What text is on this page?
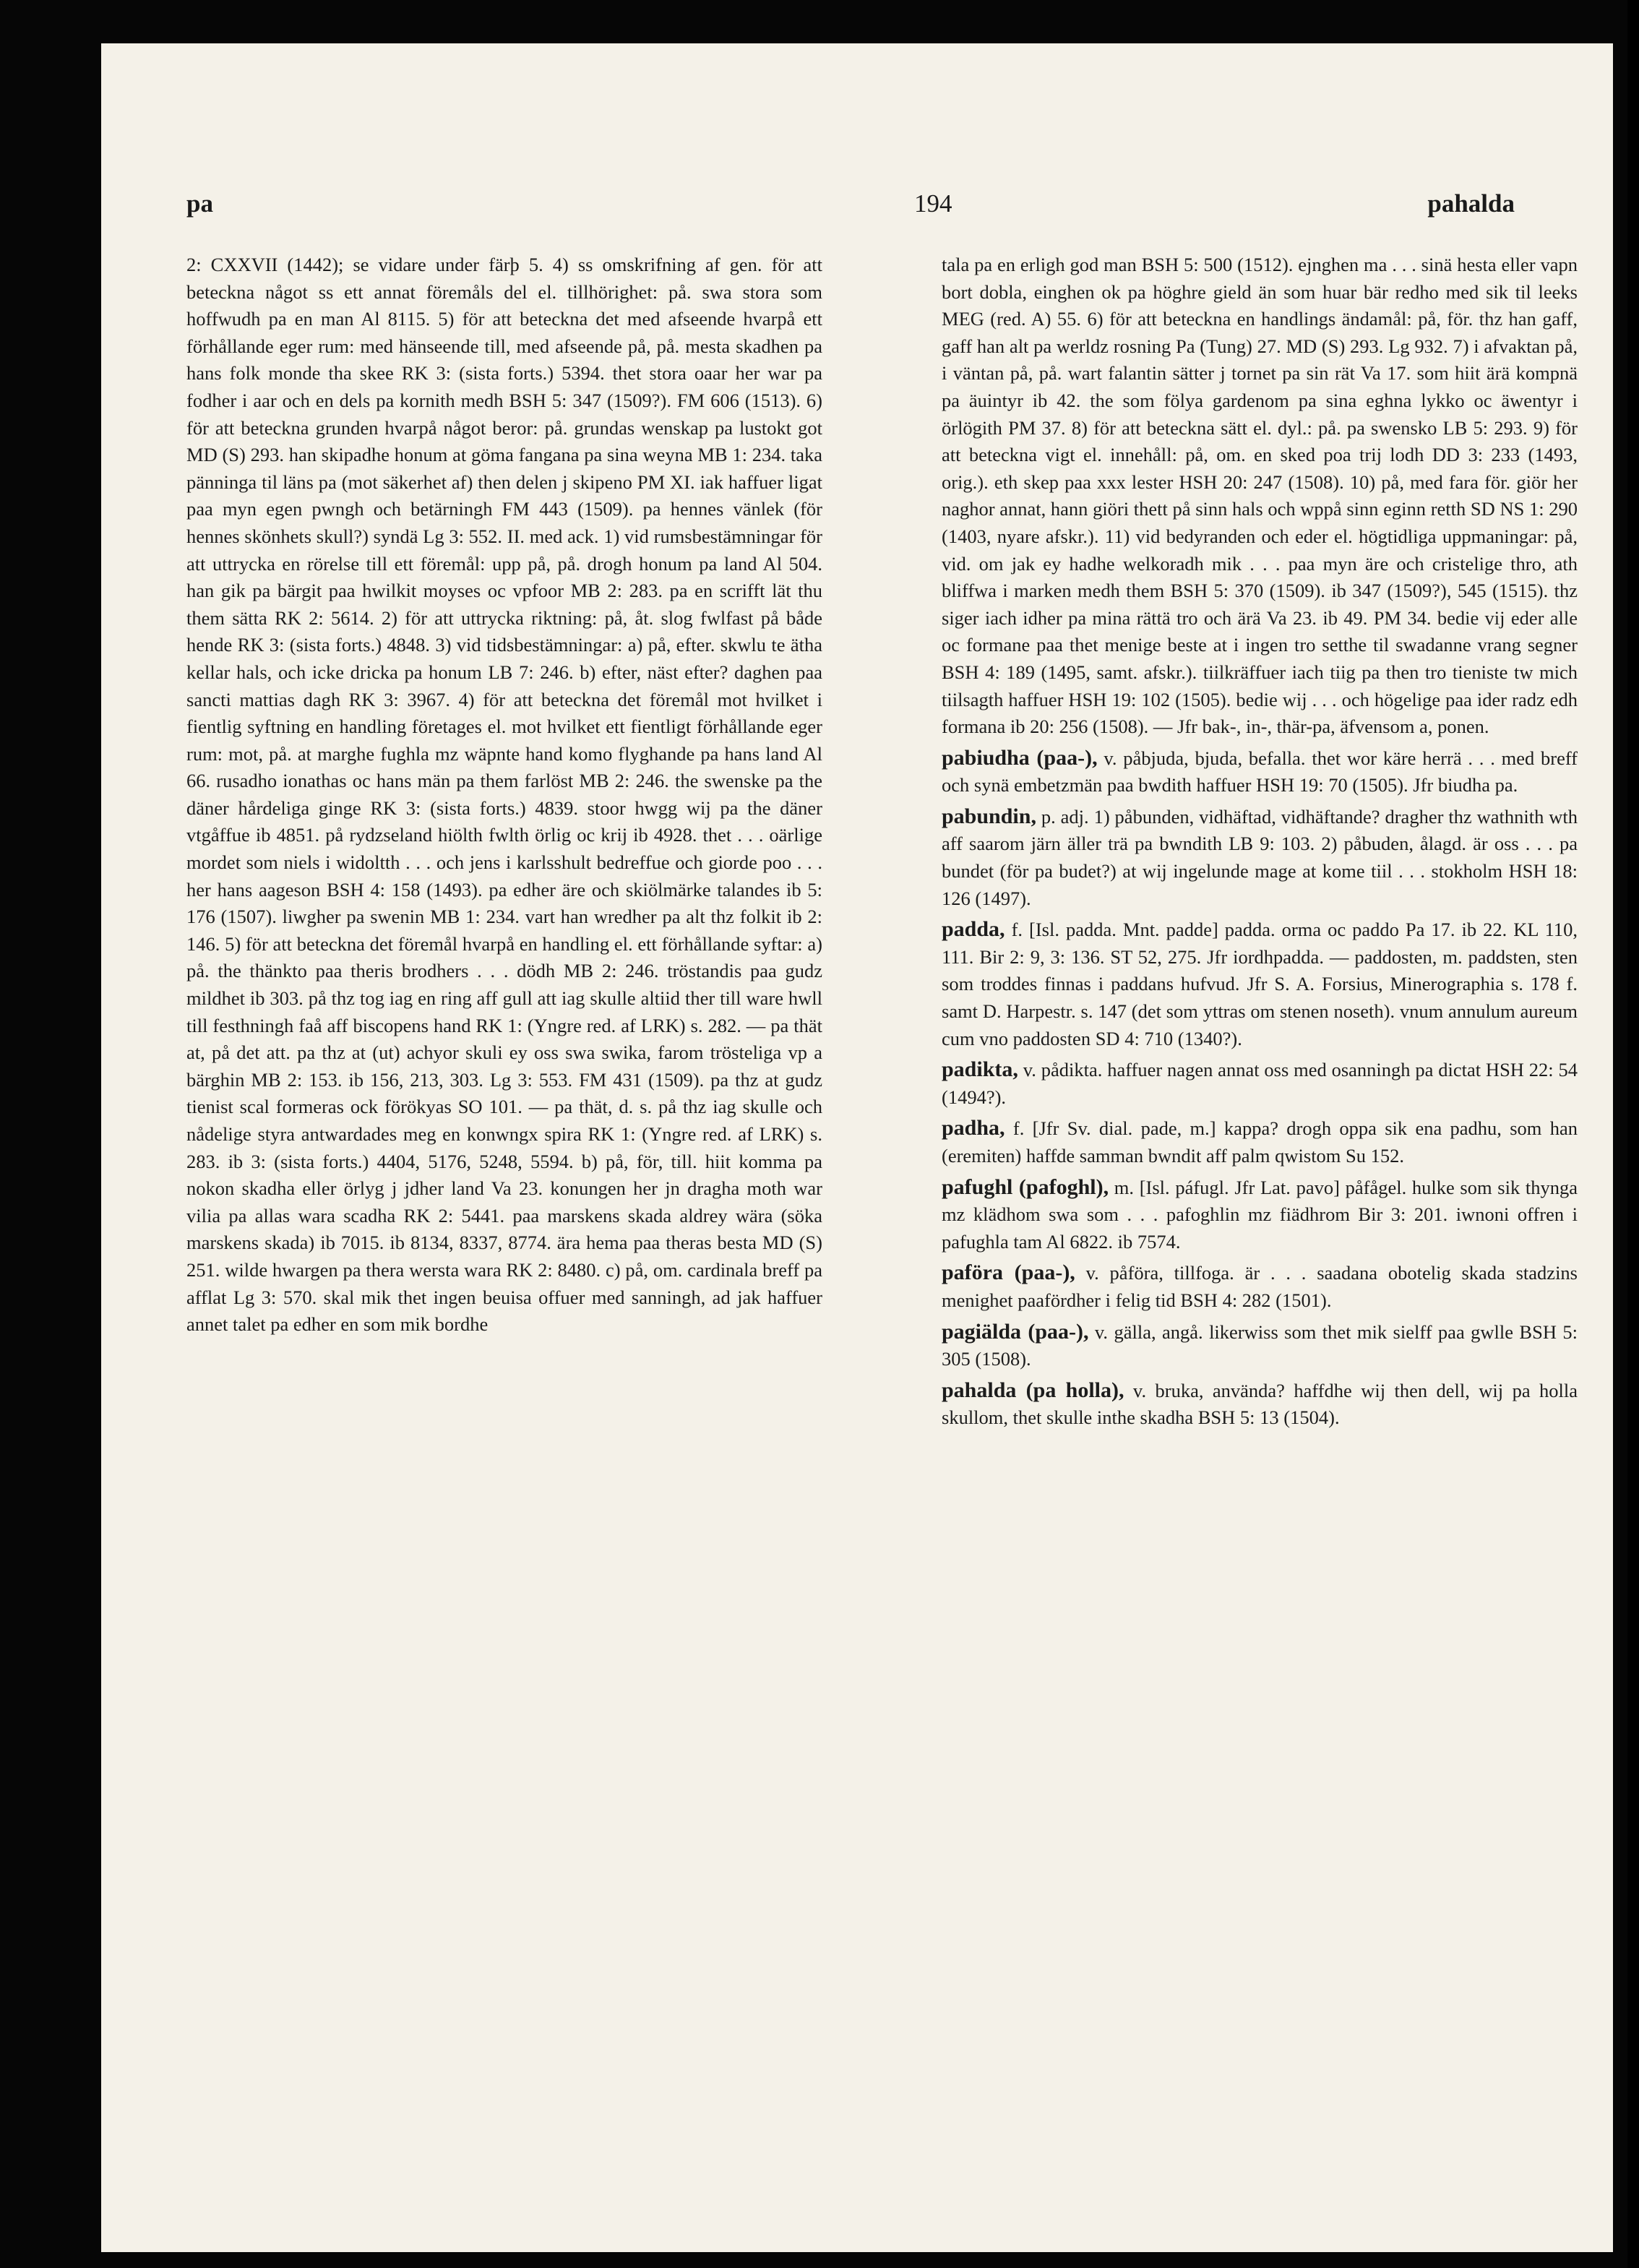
pa	194	pahalda

2: CXXVII (1442); se vidare under färþ 5. 4) ss omskrifning af gen. för att beteckna något ss ett annat föremåls del el. tillhörighet: på. swa stora som hoffwudh pa en man Al 8115. 5) för att beteckna det med afseende hvarpå ett förhållande eger rum: med hänseende till, med afseende på, på. mesta skadhen pa hans folk monde tha skee RK 3: (sista forts.) 5394. thet stora oaar her war pa fodher i aar och en dels pa kornith medh BSH 5: 347 (1509?). FM 606 (1513). 6) för att beteckna grunden hvarpå något beror: på. grundas wenskap pa lustokt got MD (S) 293. han skipadhe honum at göma fangana pa sina weyna MB 1: 234. taka pänninga til läns pa (mot säkerhet af) then delen j skipeno PM XI. iak haffuer ligat paa myn egen pwngh och betärningh FM 443 (1509). pa hennes vänlek (för hennes skönhets skull?) syndä Lg 3: 552. II. med ack. 1) vid rumsbestämningar för att uttrycka en rörelse till ett föremål: upp på, på. drogh honum pa land Al 504. han gik pa bärgit paa hwilkit moyses oc vpfoor MB 2: 283. pa en scrifft lät thu them sätta RK 2: 5614. 2) för att uttrycka riktning: på, åt. slog fwlfast på både hende RK 3: (sista forts.) 4848. 3) vid tidsbestämningar: a) på, efter. skwlu te ätha kellar hals, och icke dricka pa honum LB 7: 246. b) efter, näst efter? daghen paa sancti mattias dagh RK 3: 3967. 4) för att beteckna det föremål mot hvilket i fientlig syftning en handling företages el. mot hvilket ett fientligt förhållande eger rum: mot, på. at marghe fughla mz wäpnte hand komo flyghande pa hans land Al 66. rusadho ionathas oc hans män pa them farlöst MB 2: 246. the swenske pa the däner hårdeliga ginge RK 3: (sista forts.) 4839. stoor hwgg wij pa the däner vtgåffue ib 4851. på rydzseland hiölth fwlth örlig oc krij ib 4928. thet . . . oärlige mordet som niels i widoltth . . . och jens i karlsshult bedreffue och giorde poo . . . her hans aageson BSH 4: 158 (1493). pa edher äre och skiölmärke talandes ib 5: 176 (1507). liwgher pa swenin MB 1: 234. vart han wredher pa alt thz folkit ib 2: 146. 5) för att beteckna det föremål hvarpå en handling el. ett förhållande syftar: a) på. the thänkto paa theris brodhers . . . dödh MB 2: 246. tröstandis paa gudz mildhet ib 303. på thz tog iag en ring aff gull att iag skulle altiid ther till ware hwll till festhningh faå aff biscopens hand RK 1: (Yngre red. af LRK) s. 282. — pa thät at, på det att. pa thz at (ut) achyor skuli ey oss swa swika, farom trösteliga vp a bärghin MB 2: 153. ib 156, 213, 303. Lg 3: 553. FM 431 (1509). pa thz at gudz tienist scal formeras ock förökyas SO 101. — pa thät, d. s. på thz iag skulle och nådelige styra antwardades meg en konwngx spira RK 1: (Yngre red. af LRK) s. 283. ib 3: (sista forts.) 4404, 5176, 5248, 5594. b) på, för, till. hiit komma pa nokon skadha eller örlyg j jdher land Va 23. konungen her jn dragha moth war vilia pa allas wara scadha RK 2: 5441. paa marskens skada aldrey wära (söka marskens skada) ib 7015. ib 8134, 8337, 8774. ära hema paa theras besta MD (S) 251. wilde hwargen pa thera wersta wara RK 2: 8480. c) på, om. cardinala breff pa afflat Lg 3: 570. skal mik thet ingen beuisa offuer med sanningh, ad jak haffuer annet talet pa edher en som mik bordhe

tala pa en erligh god man BSH 5: 500 (1512). ejnghen ma . . . sinä hesta eller vapn bort dobla, einghen ok pa höghre gield än som huar bär redho med sik til leeks MEG (red. A) 55. 6) för att beteckna en handlings ändamål: på, för. thz han gaff, gaff han alt pa werldz rosning Pa (Tung) 27. MD (S) 293. Lg 932. 7) i afvaktan på, i väntan på, på. wart falantin sätter j tornet pa sin rät Va 17. som hiit ärä kompnä pa äuintyr ib 42. the som fölya gardenom pa sina eghna lykko oc äwentyr i örlögith PM 37. 8) för att beteckna sätt el. dyl.: på. pa swensko LB 5: 293. 9) för att beteckna vigt el. innehåll: på, om. en sked poa trij lodh DD 3: 233 (1493, orig.). eth skep paa xxx lester HSH 20: 247 (1508). 10) på, med fara för. giör her naghor annat, hann giöri thett på sinn hals och wppå sinn eginn retth SD NS 1: 290 (1403, nyare afskr.). 11) vid bedyranden och eder el. högtidliga uppmaningar: på, vid. om jak ey hadhe welkoradh mik . . . paa myn äre och cristelige thro, ath bliffwa i marken medh them BSH 5: 370 (1509). ib 347 (1509?), 545 (1515). thz siger iach idher pa mina rättä tro och ärä Va 23. ib 49. PM 34. bedie vij eder alle oc formane paa thet menige beste at i ingen tro setthe til swadanne vrang segner BSH 4: 189 (1495, samt. afskr.). tiilkräffuer iach tiig pa then tro tieniste tw mich tiilsagth haffuer HSH 19: 102 (1505). bedie wij . . . och högelige paa ider radz edh formana ib 20: 256 (1508). — Jfr bak-, in-, thär-pa, äfvensom a, ponen.

pabiudha (paa-), v. påbjuda, bjuda, befalla. thet wor käre herrä . . . med breff och synä embetzmän paa bwdith haffuer HSH 19: 70 (1505). Jfr biudha pa.

pabundin, p. adj. 1) påbunden, vidhäftad, vidhäftande? dragher thz wathnith wth aff saarom järn äller trä pa bwndith LB 9: 103. 2) påbuden, ålagd. är oss . . . pa bundet (för pa budet?) at wij ingelunde mage at kome tiil . . . stokholm HSH 18: 126 (1497).

padda, f. [Isl. padda. Mnt. padde] padda. orma oc paddo Pa 17. ib 22. KL 110, 111. Bir 2: 9, 3: 136. ST 52, 275. Jfr iordhpadda. — paddosten, m. paddsten, sten som troddes finnas i paddans hufvud. Jfr S. A. Forsius, Minerographia s. 178 f. samt D. Harpestr. s. 147 (det som yttras om stenen noseth). vnum annulum aureum cum vno paddosten SD 4: 710 (1340?).

padikta, v. pådikta. haffuer nagen annat oss med osanningh pa dictat HSH 22: 54 (1494?).

padha, f. [Jfr Sv. dial. pade, m.] kappa? drogh oppa sik ena padhu, som han (eremiten) haffde samman bwndit aff palm qwistom Su 152.

pafughl (pafoghl), m. [Isl. páfugl. Jfr Lat. pavo] påfågel. hulke som sik thynga mz klädhom swa som . . . pafoghlin mz fiädhrom Bir 3: 201. iwnoni offren i pafughla tam Al 6822. ib 7574.

paföra (paa-), v. påföra, tillfoga. är . . . saadana obotelig skada stadzins menighet paafördher i felig tid BSH 4: 282 (1501).

pagiälda (paa-), v. gälla, angå. likerwiss som thet mik sielff paa gwlle BSH 5: 305 (1508).

pahalda (pa holla), v. bruka, använda? haffdhe wij then dell, wij pa holla skullom, thet skulle inthe skadha BSH 5: 13 (1504).
